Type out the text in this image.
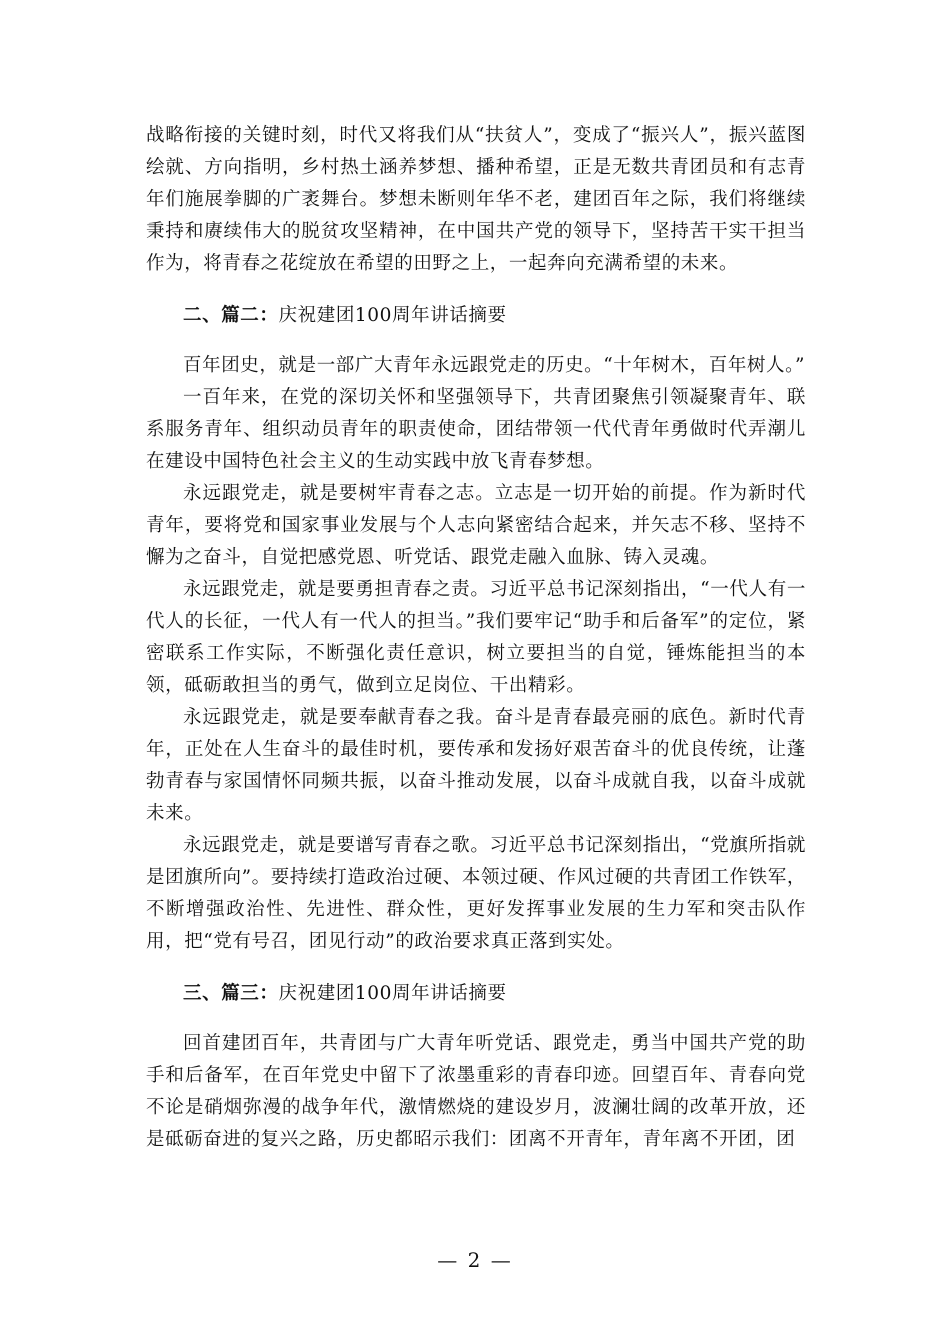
战略衔接的关键时刻，时代又将我们从“扶贫人”，变成了“振兴人”，振兴蓝图绘就、方向指明，乡村热土涵养梦想、播种希望，正是无数共青团员和有志青年们施展拳脚的广袤舞台。梦想未断则年华不老，建团百年之际，我们将继续秉持和赓续伟大的脱贫攻坚精神，在中国共产党的领导下，坚持苦干实干担当作为，将青春之花绽放在希望的田野之上，一起奔向充满希望的未来。

二、篇二：庆祝建团100周年讲话摘要

百年团史，就是一部广大青年永远跟党走的历史。“十年树木，百年树人。”

一百年来，在党的深切关怀和坚强领导下，共青团聚焦引领凝聚青年、联系服务青年、组织动员青年的职责使命，团结带领一代代青年勇做时代弄潮儿在建设中国特色社会主义的生动实践中放飞青春梦想。

永远跟党走，就是要树牢青春之志。立志是一切开始的前提。作为新时代青年，要将党和国家事业发展与个人志向紧密结合起来，并矢志不移、坚持不懈为之奋斗，自觉把感党恩、听党话、跟党走融入血脉、铸入灵魂。

永远跟党走，就是要勇担青春之责。习近平总书记深刻指出，“一代人有一代人的长征，一代人有一代人的担当。”我们要牢记“助手和后备军”的定位，紧密联系工作实际，不断强化责任意识，树立要担当的自觉，锤炼能担当的本领，砥砺敢担当的勇气，做到立足岗位、干出精彩。

永远跟党走，就是要奉献青春之我。奋斗是青春最亮丽的底色。新时代青年，正处在人生奋斗的最佳时机，要传承和发扬好艰苦奋斗的优良传统，让蓬勃青春与家国情怀同频共振，以奋斗推动发展，以奋斗成就自我，以奋斗成就未来。

永远跟党走，就是要谱写青春之歌。习近平总书记深刻指出，“党旗所指就是团旗所向”。要持续打造政治过硬、本领过硬、作风过硬的共青团工作铁军，不断增强政治性、先进性、群众性，更好发挥事业发展的生力军和突击队作用，把“党有号召，团见行动”的政治要求真正落到实处。

三、篇三：庆祝建团100周年讲话摘要

回首建团百年，共青团与广大青年听党话、跟党走，勇当中国共产党的助手和后备军，在百年党史中留下了浓墨重彩的青春印迹。回望百年、青春向党不论是硝烟弥漫的战争年代，激情燃烧的建设岁月，波澜壮阔的改革开放，还是砥砺奋进的复兴之路，历史都昭示我们：团离不开青年，青年离不开团，团

— 2 —
